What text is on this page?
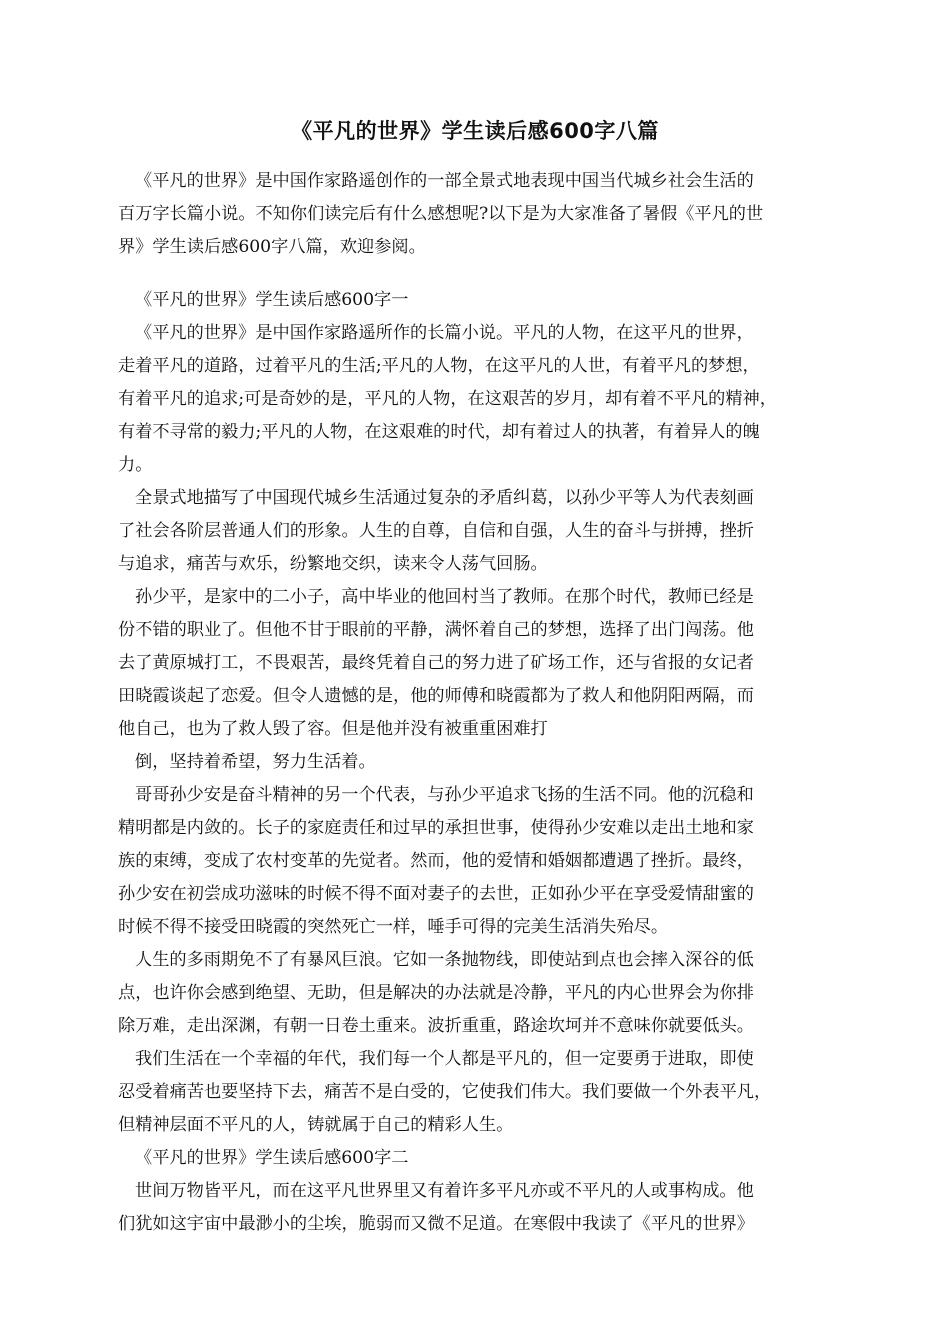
《平凡的世界》学生读后感600字八篇

《平凡的世界》是中国作家路遥创作的一部全景式地表现中国当代城乡社会生活的
百万字长篇小说。不知你们读完后有什么感想呢?以下是为大家准备了暑假《平凡的世
界》学生读后感600字八篇，欢迎参阅。

《平凡的世界》学生读后感600字一

《平凡的世界》是中国作家路遥所作的长篇小说。平凡的人物，在这平凡的世界，
走着平凡的道路，过着平凡的生活;平凡的人物，在这平凡的人世，有着平凡的梦想，
有着平凡的追求;可是奇妙的是，平凡的人物，在这艰苦的岁月，却有着不平凡的精神，
有着不寻常的毅力;平凡的人物，在这艰难的时代，却有着过人的执著，有着异人的魄
力。

全景式地描写了中国现代城乡生活通过复杂的矛盾纠葛，以孙少平等人为代表刻画
了社会各阶层普通人们的形象。人生的自尊，自信和自强，人生的奋斗与拼搏，挫折
与追求，痛苦与欢乐，纷繁地交织，读来令人荡气回肠。

孙少平，是家中的二小子，高中毕业的他回村当了教师。在那个时代，教师已经是
份不错的职业了。但他不甘于眼前的平静，满怀着自己的梦想，选择了出门闯荡。他
去了黄原城打工，不畏艰苦，最终凭着自己的努力进了矿场工作，还与省报的女记者
田晓霞谈起了恋爱。但令人遗憾的是，他的师傅和晓霞都为了救人和他阴阳两隔，而
他自己，也为了救人毁了容。但是他并没有被重重困难打

倒，坚持着希望，努力生活着。

哥哥孙少安是奋斗精神的另一个代表，与孙少平追求飞扬的生活不同。他的沉稳和
精明都是内敛的。长子的家庭责任和过早的承担世事，使得孙少安难以走出土地和家
族的束缚，变成了农村变革的先觉者。然而，他的爱情和婚姻都遭遇了挫折。最终，
孙少安在初尝成功滋味的时候不得不面对妻子的去世，正如孙少平在享受爱情甜蜜的
时候不得不接受田晓霞的突然死亡一样，唾手可得的完美生活消失殆尽。

人生的多雨期免不了有暴风巨浪。它如一条抛物线，即使站到点也会摔入深谷的低
点，也许你会感到绝望、无助，但是解决的办法就是冷静，平凡的内心世界会为你排
除万难，走出深渊，有朝一日卷土重来。波折重重，路途坎坷并不意味你就要低头。

我们生活在一个幸福的年代，我们每一个人都是平凡的，但一定要勇于进取，即使
忍受着痛苦也要坚持下去，痛苦不是白受的，它使我们伟大。我们要做一个外表平凡，
但精神层面不平凡的人，铸就属于自己的精彩人生。

《平凡的世界》学生读后感600字二

世间万物皆平凡，而在这平凡世界里又有着许多平凡亦或不平凡的人或事构成。他
们犹如这宇宙中最渺小的尘埃，脆弱而又微不足道。在寒假中我读了《平凡的世界》
